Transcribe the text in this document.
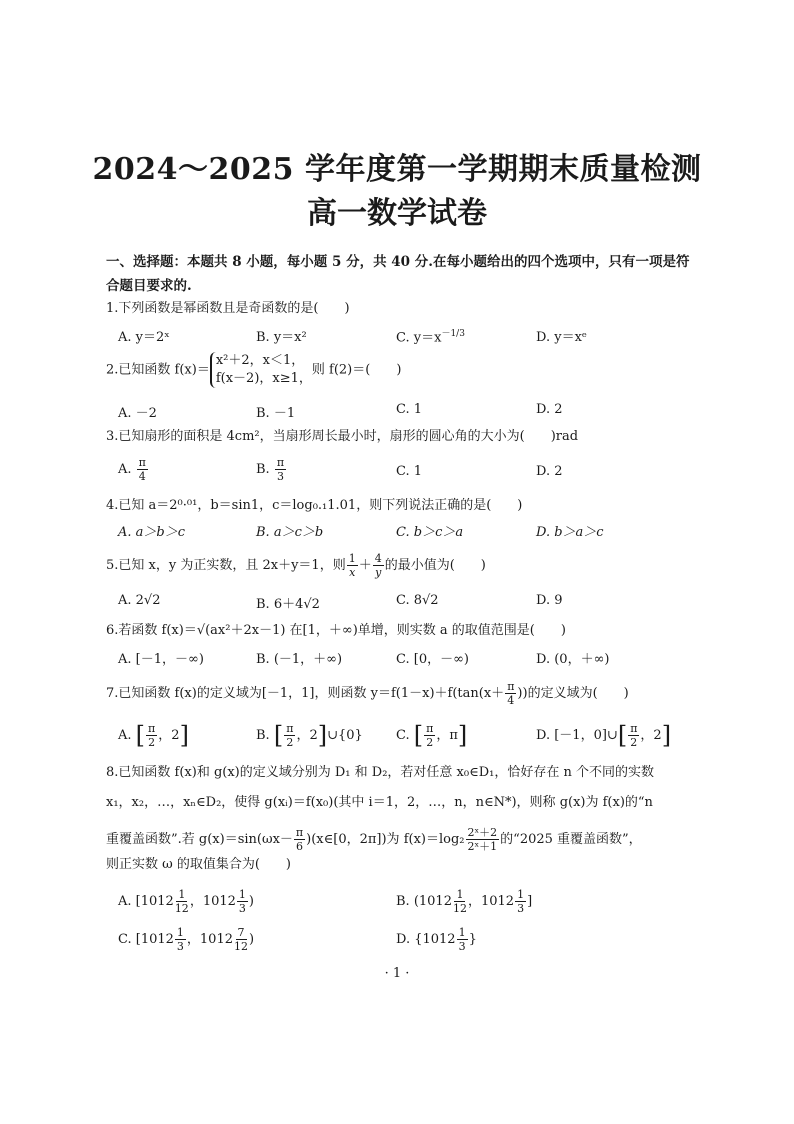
2024～2025 学年度第一学期期末质量检测
高一数学试卷
一、选择题：本题共 8 小题，每小题 5 分，共 40 分.在每小题给出的四个选项中，只有一项是符合题目要求的.
1.下列函数是幂函数且是奇函数的是(　　)
A. y＝2ˣ	B. y＝x²	C. $y=x^{-1/3}$	D. y＝xᵉ
2.已知函数 f(x)＝
x²＋2，x＜1，
f(x－2)，x≥1，
则 f(2)＝(　　)
A. －2	B. －1	C. 1	D. 2
3.已知扇形的面积是 4cm²，当扇形周长最小时，扇形的圆心角的大小为(　　)rad
A. $\frac{\pi}{4}$	B. $\frac{\pi}{3}$	C. 1	D. 2
4.已知 a＝2⁰·⁰¹，b＝sin1，c＝log₀.₁1.01，则下列说法正确的是(　　)
A. a＞b＞c	B. a＞c＞b	C. b＞c＞a	D. b＞a＞c
5.已知 x，y 为正实数，且 2x＋y＝1，则 $\frac{1}{x} + \frac{4}{y}$ 的最小值为(　　)
A. 2√2	B. 6＋4√2	C. 8√2	D. 9
6.若函数 f(x)＝√(ax²＋2x－1) 在[1，＋∞)单增，则实数 a 的取值范围是(　　)
A. [－1，－∞)	B. (－1，＋∞)	C. [0，－∞)	D. (0，＋∞)
7.已知函数 f(x)的定义域为[－1，1]，则函数 $y=f(1-x)+f(\tan(x+ \frac{\pi}{4}$ ))的定义域为(　　)
A. [ $\frac{\pi}{2}$ ，2]	B. [ $\frac{\pi}{2}$ ，2]∪{0}	C. [ $\frac{\pi}{2}$ ，π]	D. [－1，0]∪[ $\frac{\pi}{2}$ ，2]
8.已知函数 f(x)和 g(x)的定义域分别为 D₁ 和 D₂，若对任意 x₀∈D₁，恰好存在 n 个不同的实数
x₁，x₂，…，xₙ∈D₂，使得 g(xᵢ)＝f(x₀)(其中 i＝1，2，…，n，n∈N*)，则称 g(x)为 f(x)的“n
重覆盖函数”.若 $g(x)=\sin(\omega x- \frac{\pi}{6}$ )(x∈[0，2π])为 $f(x)=\log_2 \frac{\text{2ˣ＋2}}{\text{2ˣ＋1}}$ 的“2025 重覆盖函数”，
则正实数 ω 的取值集合为(　　)
A. [$1012 \frac{1}{12}$ ，$1012 \frac{1}{3}$ )	B. ($1012 \frac{1}{12}$ ，$1012 \frac{1}{3}$ ]
C. [$1012 \frac{1}{3}$ ，$1012 \frac{7}{12}$ )	D. {$1012 \frac{1}{3}$ }
· 1 ·
